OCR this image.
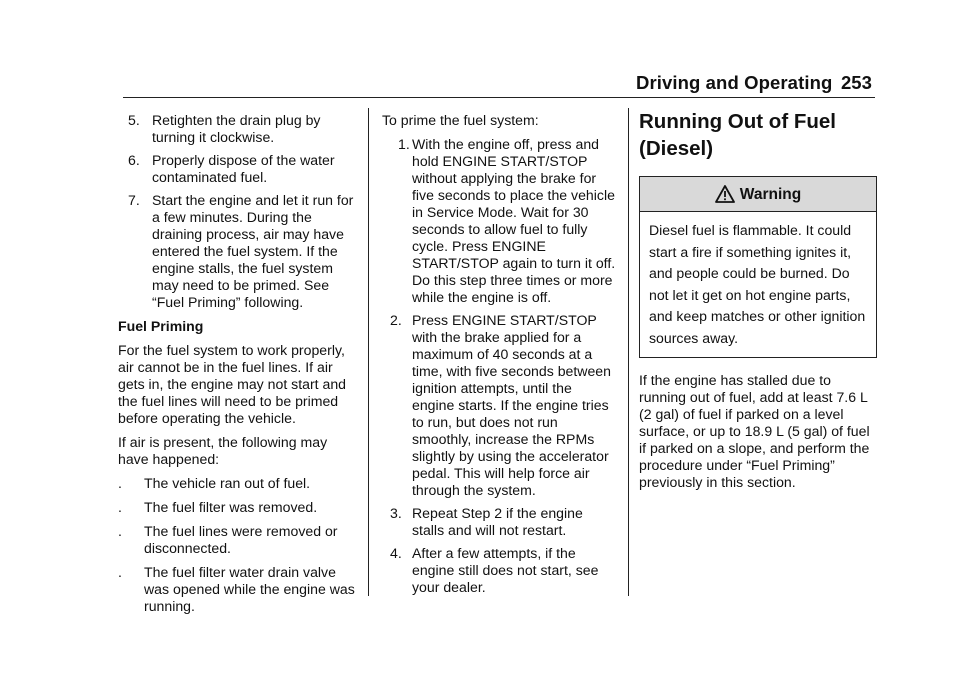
Driving and Operating 253
5. Retighten the drain plug by turning it clockwise.
6. Properly dispose of the water contaminated fuel.
7. Start the engine and let it run for a few minutes. During the draining process, air may have entered the fuel system. If the engine stalls, the fuel system may need to be primed. See “Fuel Priming” following.
Fuel Priming

For the fuel system to work properly, air cannot be in the fuel lines. If air gets in, the engine may not start and the fuel lines will need to be primed before operating the vehicle.

If air is present, the following may have happened:

. The vehicle ran out of fuel.
. The fuel filter was removed.
. The fuel lines were removed or disconnected.
. The fuel filter water drain valve was opened while the engine was running.

To prime the fuel system:

1. With the engine off, press and hold ENGINE START/STOP without applying the brake for five seconds to place the vehicle in Service Mode. Wait for 30 seconds to allow fuel to fully cycle. Press ENGINE START/STOP again to turn it off. Do this step three times or more while the engine is off.
2. Press ENGINE START/STOP with the brake applied for a maximum of 40 seconds at a time, with five seconds between ignition attempts, until the engine starts. If the engine tries to run, but does not run smoothly, increase the RPMs slightly by using the accelerator pedal. This will help force air through the system.
3. Repeat Step 2 if the engine stalls and will not restart.
4. After a few attempts, if the engine still does not start, see your dealer.
Running Out of Fuel
(Diesel)
Warning
Diesel fuel is flammable. It could start a fire if something ignites it, and people could be burned. Do not let it get on hot engine parts, and keep matches or other ignition sources away.

If the engine has stalled due to running out of fuel, add at least 7.6 L (2 gal) of fuel if parked on a level surface, or up to 18.9 L (5 gal) of fuel if parked on a slope, and perform the procedure under “Fuel Priming” previously in this section.
